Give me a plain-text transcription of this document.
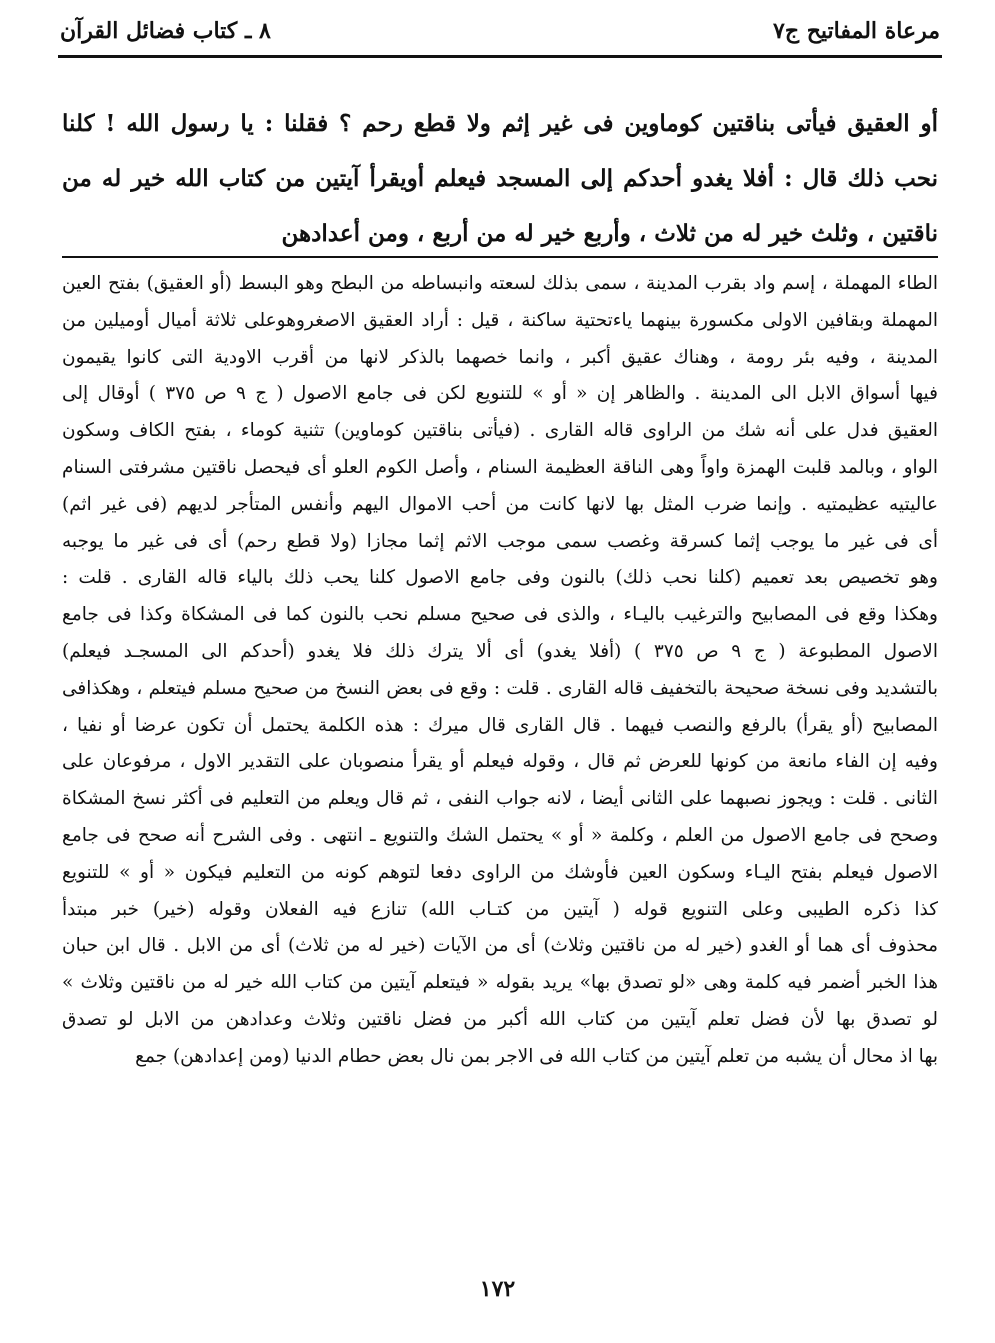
مرعاة المفاتيح ج٧
٨ ـ كتاب فضائل القرآن

أو العقيق فيأتى بناقتين كوماوين فى غير إثم ولا قطع رحم ؟ فقلنا : يا رسول الله ! كلنا نحب ذلك قال : أفلا يغدو أحدكم إلى المسجد فيعلم أويقرأ آيتين من كتاب الله خير له من ناقتين ، وثلث خير له من ثلاث ، وأربع خير له من أربع ، ومن أعدادهن

الطاء المهملة ، إسم واد بقرب المدينة ، سمى بذلك لسعته وانبساطه من البطح وهو البسط (أو العقيق) بفتح العين

المهملة وبقافين الاولى مكسورة بينهما ياءتحتية ساكنة ، قيل : أراد العقيق الاصغروهوعلى ثلاثة أميال أوميلين من

المدينة ، وفيه بئر رومة ، وهناك عقيق أكبر ، وانما خصهما بالذكر لانها من أقرب الاودية التى كانوا يقيمون

فيها أسواق الابل الى المدينة . والظاهر إن « أو » للتنويع لكن فى جامع الاصول ( ج ٩ ص ٣٧٥ ) أوقال إلى

العقيق فدل على أنه شك من الراوى قاله القارى . (فيأتى بناقتين كوماوين) تثنية كوماء ، بفتح الكاف وسكون

الواو ، وبالمد قلبت الهمزة واواً وهى الناقة العظيمة السنام ، وأصل الكوم العلو أى فيحصل ناقتين مشرفتى السنام

عاليتيه عظيمتيه . وإنما ضرب المثل بها لانها كانت من أحب الاموال اليهم وأنفس المتأجر لديهم (فى غير اثم)

أى فى غير ما يوجب إثما كسرقة وغصب سمى موجب الاثم إثما مجازا (ولا قطع رحم) أى فى غير ما يوجبه

وهو تخصيص بعد تعميم (كلنا نحب ذلك) بالنون وفى جامع الاصول كلنا يحب ذلك بالياء قاله القارى . قلت :

وهكذا وقع فى المصابيح والترغيب باليـاء ، والذى فى صحيح مسلم نحب بالنون كما فى المشكاة وكذا فى جامع

الاصول المطبوعة ( ج ٩ ص ٣٧٥ ) (أفلا يغدو) أى ألا يترك ذلك فلا يغدو (أحدكم الى المسجـد فيعلم)

بالتشديد وفى نسخة صحيحة بالتخفيف قاله القارى . قلت : وقع فى بعض النسخ من صحيح مسلم فيتعلم ، وهكذافى

المصابيح (أو يقرأ) بالرفع والنصب فيهما . قال القارى قال ميرك : هذه الكلمة يحتمل أن تكون عرضا أو نفيا ،

وفيه إن الفاء مانعة من كونها للعرض ثم قال ، وقوله فيعلم أو يقرأ منصوبان على التقدير الاول ، مرفوعان على

الثانى . قلت : ويجوز نصبهما على الثانى أيضا ، لانه جواب النفى ، ثم قال ويعلم من التعليم فى أكثر نسخ المشكاة

وصحح فى جامع الاصول من العلم ، وكلمة « أو » يحتمل الشك والتنويع ـ انتهى . وفى الشرح أنه صحح فى جامع

الاصول فيعلم بفتح اليـاء وسكون العين فأوشك من الراوى دفعا لتوهم كونه من التعليم فيكون « أو » للتنويع

كذا ذكره الطيبى وعلى التنويع قوله ( آيتين من كتـاب الله) تنازع فيه الفعلان وقوله (خير) خبر مبتدأ

محذوف أى هما أو الغدو (خير له من ناقتين وثلاث) أى من الآيات (خير له من ثلاث) أى من الابل . قال ابن حبان

هذا الخبر أضمر فيه كلمة وهى «لو تصدق بها» يريد بقوله « فيتعلم آيتين من كتاب الله خير له من ناقتين وثلاث »

لو تصدق بها لأن فضل تعلم آيتين من كتاب الله أكبر من فضل ناقتين وثلاث وعدادهن من الابل لو تصدق

بها اذ محال أن يشبه من تعلم آيتين من كتاب الله فى الاجر بمن نال بعض حطام الدنيا (ومن إعدادهن) جمع

١٧٢
